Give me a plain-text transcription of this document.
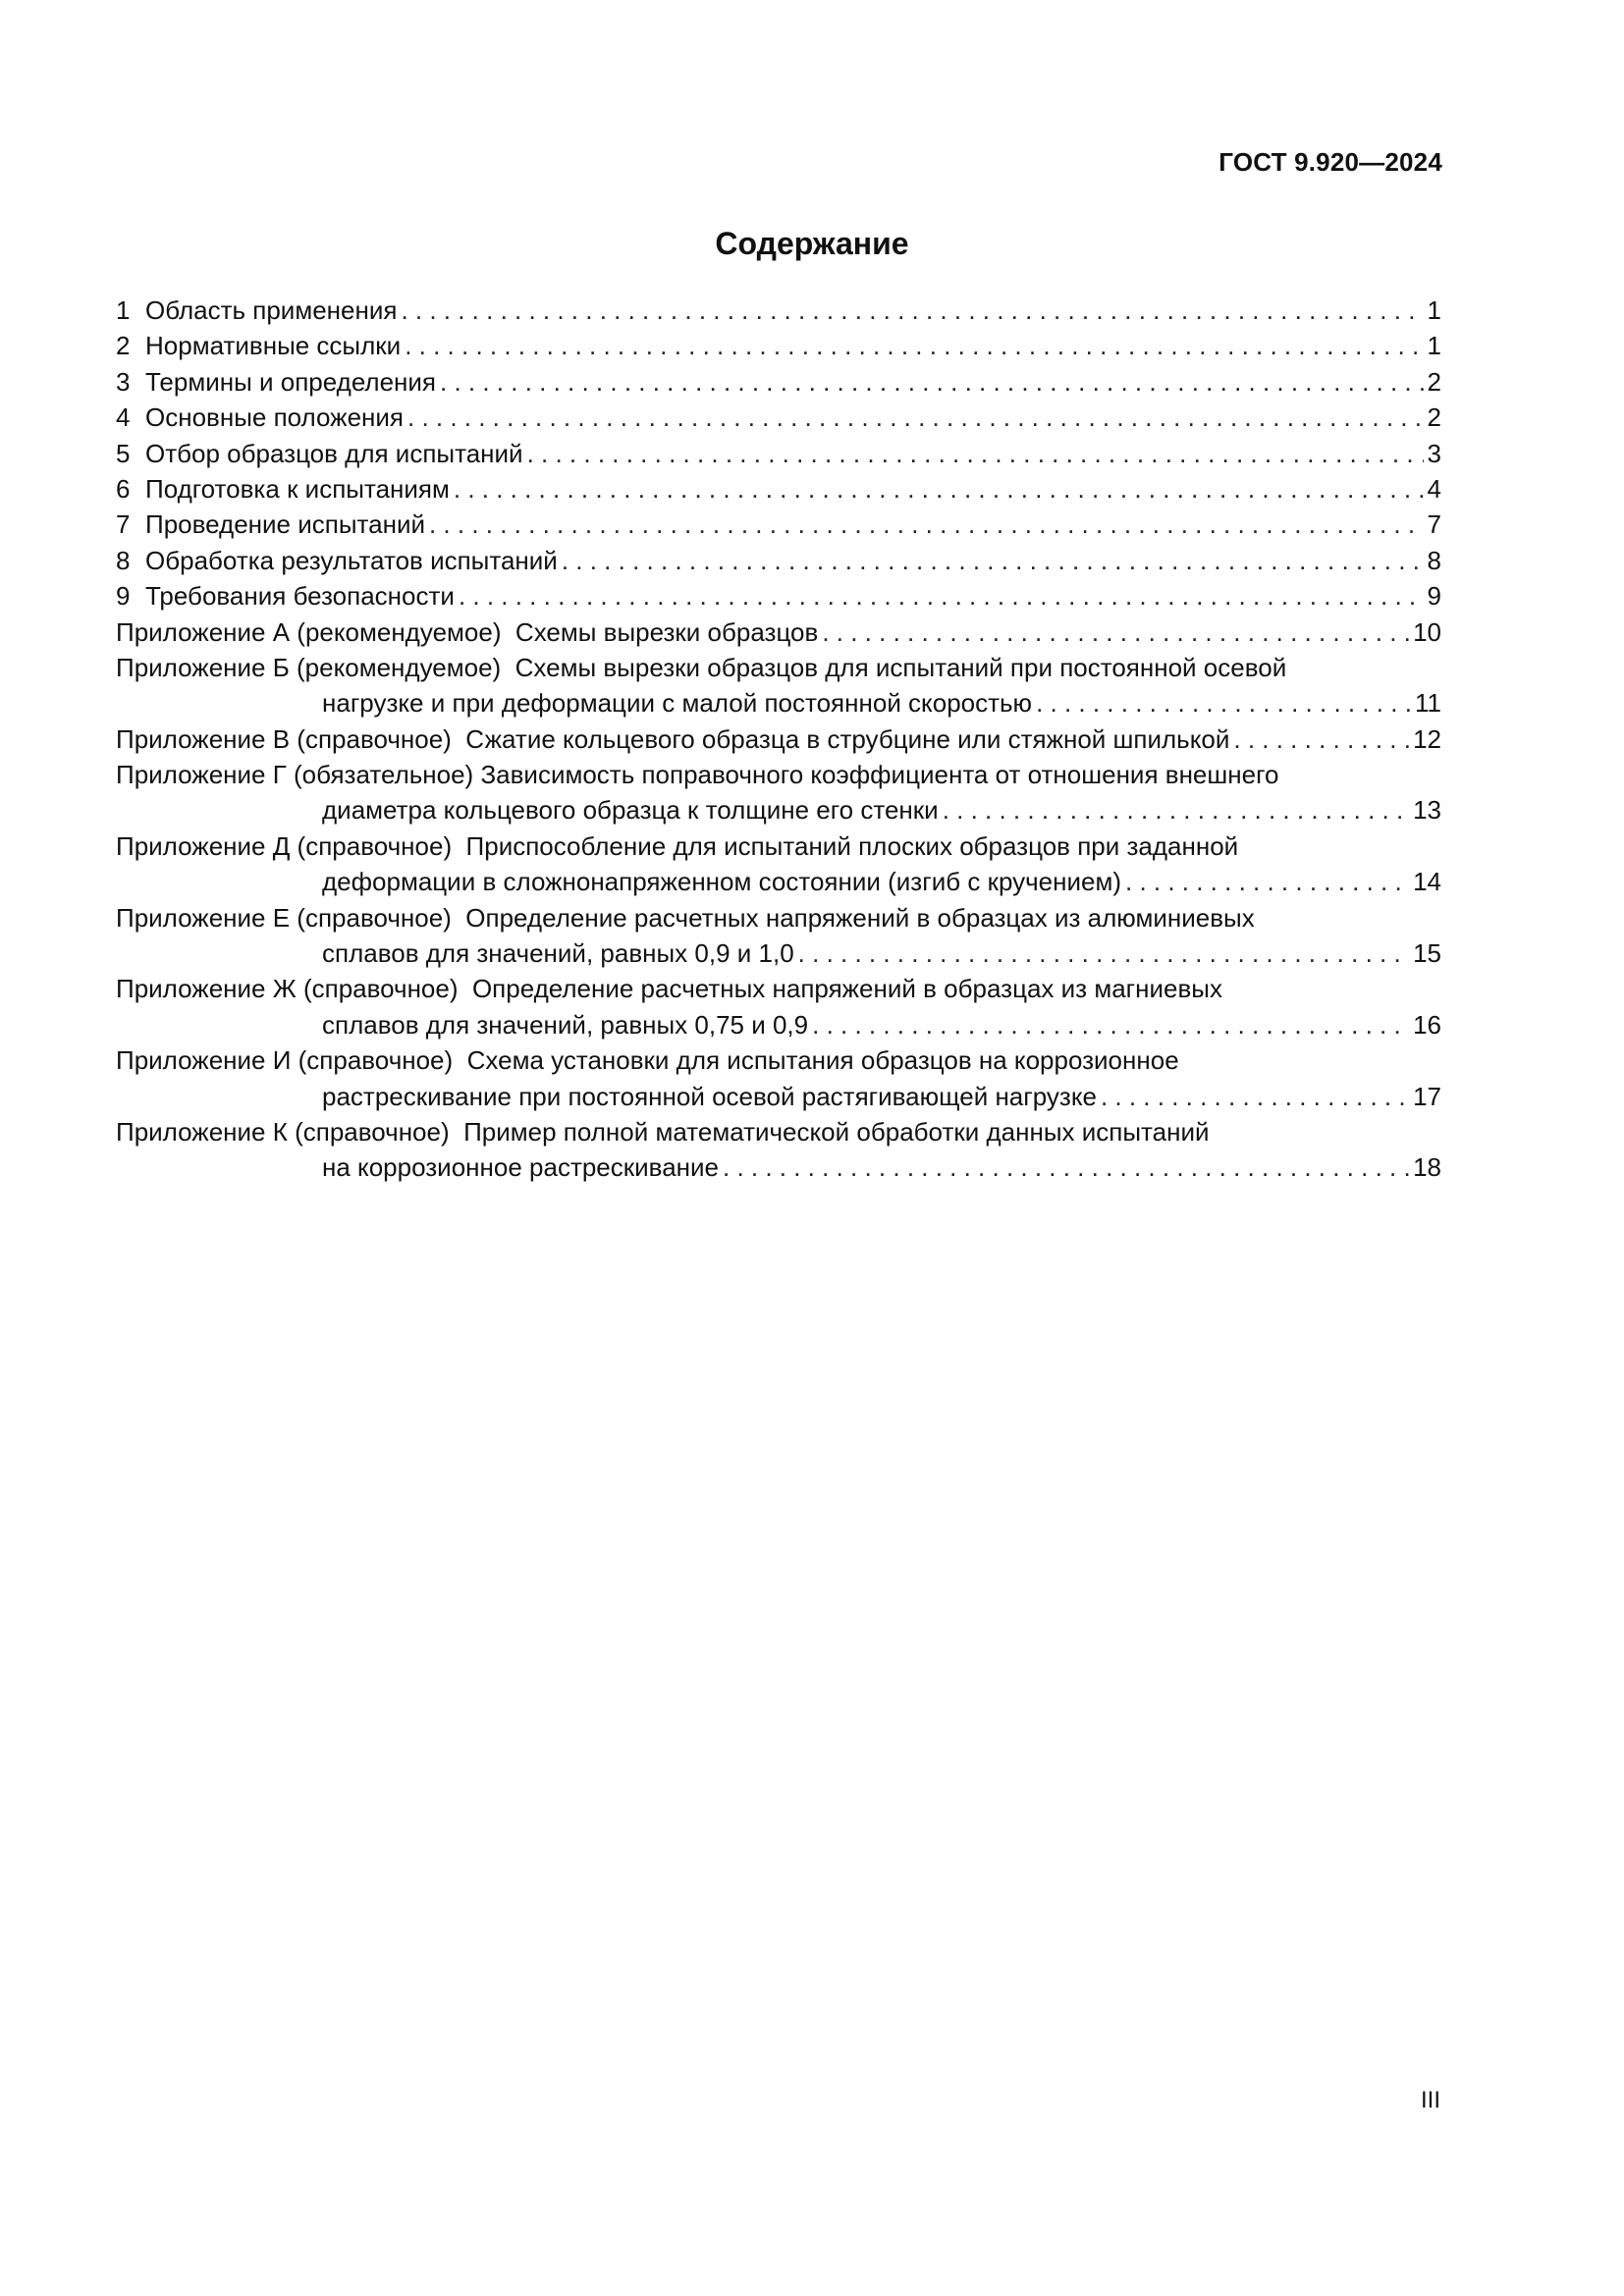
ГОСТ 9.920—2024
Содержание
1 Область применения . . .	1
2 Нормативные ссылки . . .	1
3 Термины и определения . . .	2
4 Основные положения . . .	2
5 Отбор образцов для испытаний . . .	3
6 Подготовка к испытаниям . . .	4
7 Проведение испытаний . . .	7
8 Обработка результатов испытаний . . .	8
9 Требования безопасности . . .	9
Приложение А (рекомендуемое)  Схемы вырезки образцов . . .	10
Приложение Б (рекомендуемое)  Схемы вырезки образцов для испытаний при постоянной осевой
нагрузке и при деформации с малой постоянной скоростью . . .	11
Приложение В (справочное)  Сжатие кольцевого образца в струбцине или стяжной шпилькой . . .	12
Приложение Г (обязательное) Зависимость поправочного коэффициента от отношения внешнего
диаметра кольцевого образца к толщине его стенки . . .	13
Приложение Д (справочное)  Приспособление для испытаний плоских образцов при заданной
деформации в сложнонапряженном состоянии (изгиб с кручением) . . .	14
Приложение Е (справочное)  Определение расчетных напряжений в образцах из алюминиевых
сплавов для значений, равных 0,9 и 1,0 . . .	15
Приложение Ж (справочное)  Определение расчетных напряжений в образцах из магниевых
сплавов для значений, равных 0,75 и 0,9 . . .	16
Приложение И (справочное)  Схема установки для испытания образцов на коррозионное
растрескивание при постоянной осевой растягивающей нагрузке . . .	17
Приложение К (справочное)  Пример полной математической обработки данных испытаний
на коррозионное растрескивание . . .	18
III
